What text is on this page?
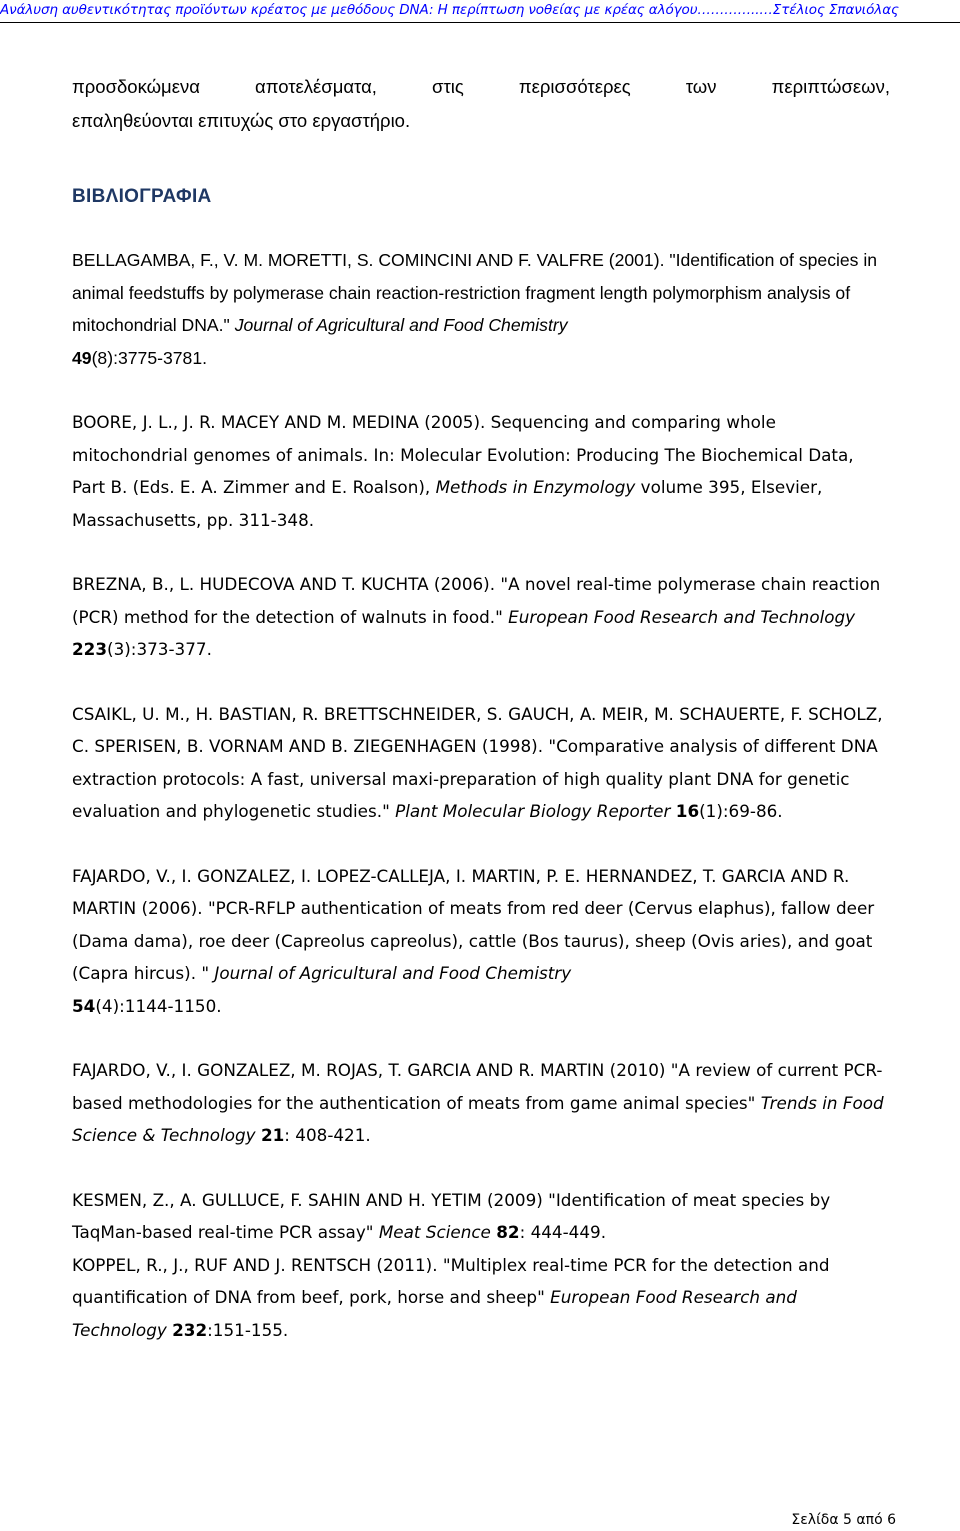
Ανάλυση αυθεντικότητας προϊόντων κρέατος με μεθόδους DNA: Η περίπτωση νοθείας με κρέας αλόγου…………..…Στέλιος Σπανιόλας

προσδοκώμενα αποτελέσματα, στις περισσότερες των περιπτώσεων,
επαληθεύονται επιτυχώς στο εργαστήριο.

ΒΙΒΛΙΟΓΡΑΦΙΑ

BELLAGAMBA, F., V. M. MORETTI, S. COMINCINI AND F. VALFRE (2001). "Identification of species in animal feedstuffs by polymerase chain reaction-restriction fragment length polymorphism analysis of mitochondrial DNA." Journal of Agricultural and Food Chemistry
49(8):3775-3781.

BOORE, J. L., J. R. MACEY AND M. MEDINA (2005). Sequencing and comparing whole mitochondrial genomes of animals. In: Molecular Evolution: Producing The Biochemical Data, Part B. (Eds. E. A. Zimmer and E. Roalson), Methods in Enzymology volume 395, Elsevier, Massachusetts, pp. 311-348.

BREZNA, B., L. HUDECOVA AND T. KUCHTA (2006). "A novel real-time polymerase chain reaction (PCR) method for the detection of walnuts in food." European Food Research and Technology 223(3):373-377.

CSAIKL, U. M., H. BASTIAN, R. BRETTSCHNEIDER, S. GAUCH, A. MEIR, M. SCHAUERTE, F. SCHOLZ, C. SPERISEN, B. VORNAM AND B. ZIEGENHAGEN (1998). "Comparative analysis of different DNA extraction protocols: A fast, universal maxi-preparation of high quality plant DNA for genetic evaluation and phylogenetic studies." Plant Molecular Biology Reporter 16(1):69-86.

FAJARDO, V., I. GONZALEZ, I. LOPEZ-CALLEJA, I. MARTIN, P. E. HERNANDEZ, T. GARCIA AND R. MARTIN (2006). "PCR-RFLP authentication of meats from red deer (Cervus elaphus), fallow deer (Dama dama), roe deer (Capreolus capreolus), cattle (Bos taurus), sheep (Ovis aries), and goat (Capra hircus). " Journal of Agricultural and Food Chemistry
54(4):1144-1150.

FAJARDO, V., I. GONZALEZ, M. ROJAS, T. GARCIA AND R. MARTIN (2010) "A review of current PCR-based methodologies for the authentication of meats from game animal species" Trends in Food Science & Technology 21: 408-421.

KESMEN, Z., A. GULLUCE, F. SAHIN AND H. YETIM (2009) "Identification of meat species by TaqMan-based real-time PCR assay" Meat Science 82: 444-449.

KOPPEL, R., J., RUF AND J. RENTSCH (2011). "Multiplex real-time PCR for the detection and quantification of DNA from beef, pork, horse and sheep" European Food Research and Technology 232:151-155.

Σελίδα 5 από 6
